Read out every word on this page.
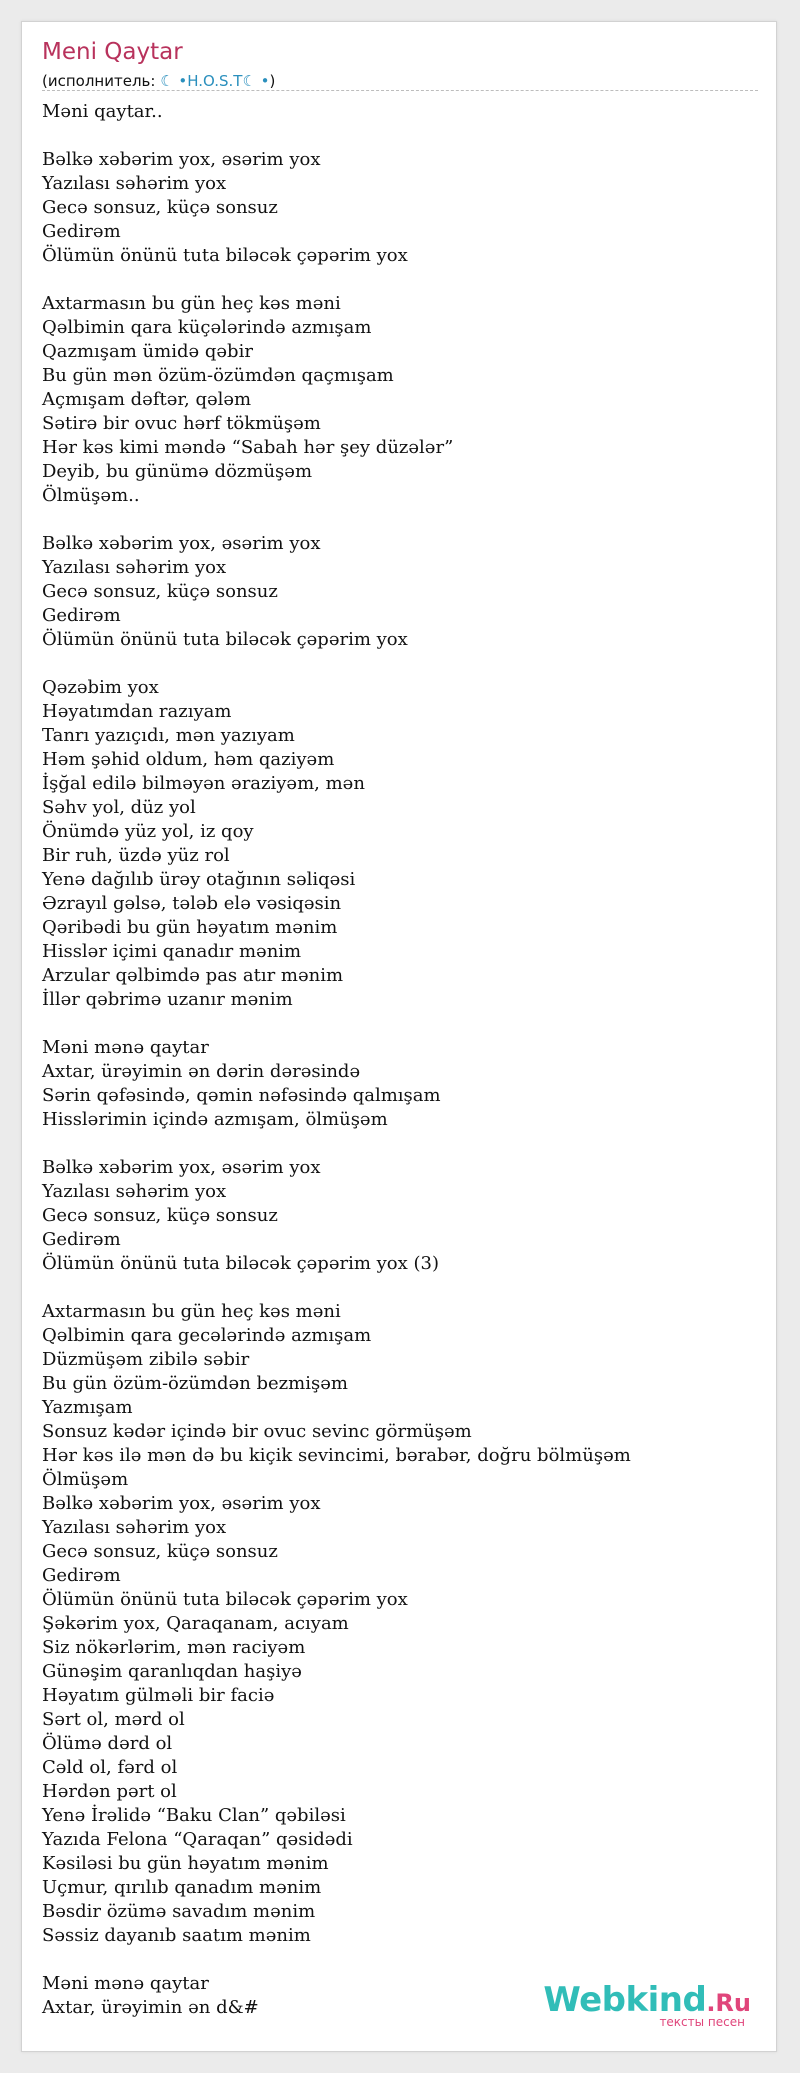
Meni Qaytar
(исполнитель: ☾ •H.O.S.T☾ •)
Məni qaytar..
Bəlkə xəbərim yox, əsərim yox
Yazılası səhərim yox
Gecə sonsuz, küçə sonsuz
Gedirəm
Ölümün önünü tuta biləcək çəpərim yox
Axtarmasın bu gün heç kəs məni
Qəlbimin qara küçələrində azmışam
Qazmışam ümidə qəbir
Bu gün mən özüm-özümdən qaçmışam
Açmışam dəftər, qələm
Sətirə bir ovuc hərf tökmüşəm
Hər kəs kimi məndə “Sabah hər şey düzələr”
Deyib, bu günümə dözmüşəm
Ölmüşəm..
Bəlkə xəbərim yox, əsərim yox
Yazılası səhərim yox
Gecə sonsuz, küçə sonsuz
Gedirəm
Ölümün önünü tuta biləcək çəpərim yox
Qəzəbim yox
Həyatımdan razıyam
Tanrı yazıçıdı, mən yazıyam
Həm şəhid oldum, həm qaziyəm
İşğal edilə bilməyən əraziyəm, mən
Səhv yol, düz yol
Önümdə yüz yol, iz qoy
Bir ruh, üzdə yüz rol
Yenə dağılıb ürəy otağının səliqəsi
Əzrayıl gəlsə, tələb elə vəsiqəsin
Qəribədi bu gün həyatım mənim
Hisslər içimi qanadır mənim
Arzular qəlbimdə pas atır mənim
İllər qəbrimə uzanır mənim
Məni mənə qaytar
Axtar, ürəyimin ən dərin dərəsində
Sərin qəfəsində, qəmin nəfəsində qalmışam
Hisslərimin içində azmışam, ölmüşəm
Bəlkə xəbərim yox, əsərim yox
Yazılası səhərim yox
Gecə sonsuz, küçə sonsuz
Gedirəm
Ölümün önünü tuta biləcək çəpərim yox (3)
Axtarmasın bu gün heç kəs məni
Qəlbimin qara gecələrində azmışam
Düzmüşəm zibilə səbir
Bu gün özüm-özümdən bezmişəm
Yazmışam
Sonsuz kədər içində bir ovuc sevinc görmüşəm
Hər kəs ilə mən də bu kiçik sevincimi, bərabər, doğru bölmüşəm
Ölmüşəm
Bəlkə xəbərim yox, əsərim yox
Yazılası səhərim yox
Gecə sonsuz, küçə sonsuz
Gedirəm
Ölümün önünü tuta biləcək çəpərim yox
Şəkərim yox, Qaraqanam, acıyam
Siz nökərlərim, mən raciyəm
Günəşim qaranlıqdan haşiyə
Həyatım gülməli bir faciə
Sərt ol, mərd ol
Ölümə dərd ol
Cəld ol, fərd ol
Hərdən pərt ol
Yenə İrəlidə “Baku Clan” qəbiləsi
Yazıda Felona “Qaraqan” qəsidədi
Kəsiləsi bu gün həyatım mənim
Uçmur, qırılıb qanadım mənim
Bəsdir özümə savadım mənim
Səssiz dayanıb saatım mənim
Məni mənə qaytar
Axtar, ürəyimin ən d&#	Webkind.Ru
тексты песен
